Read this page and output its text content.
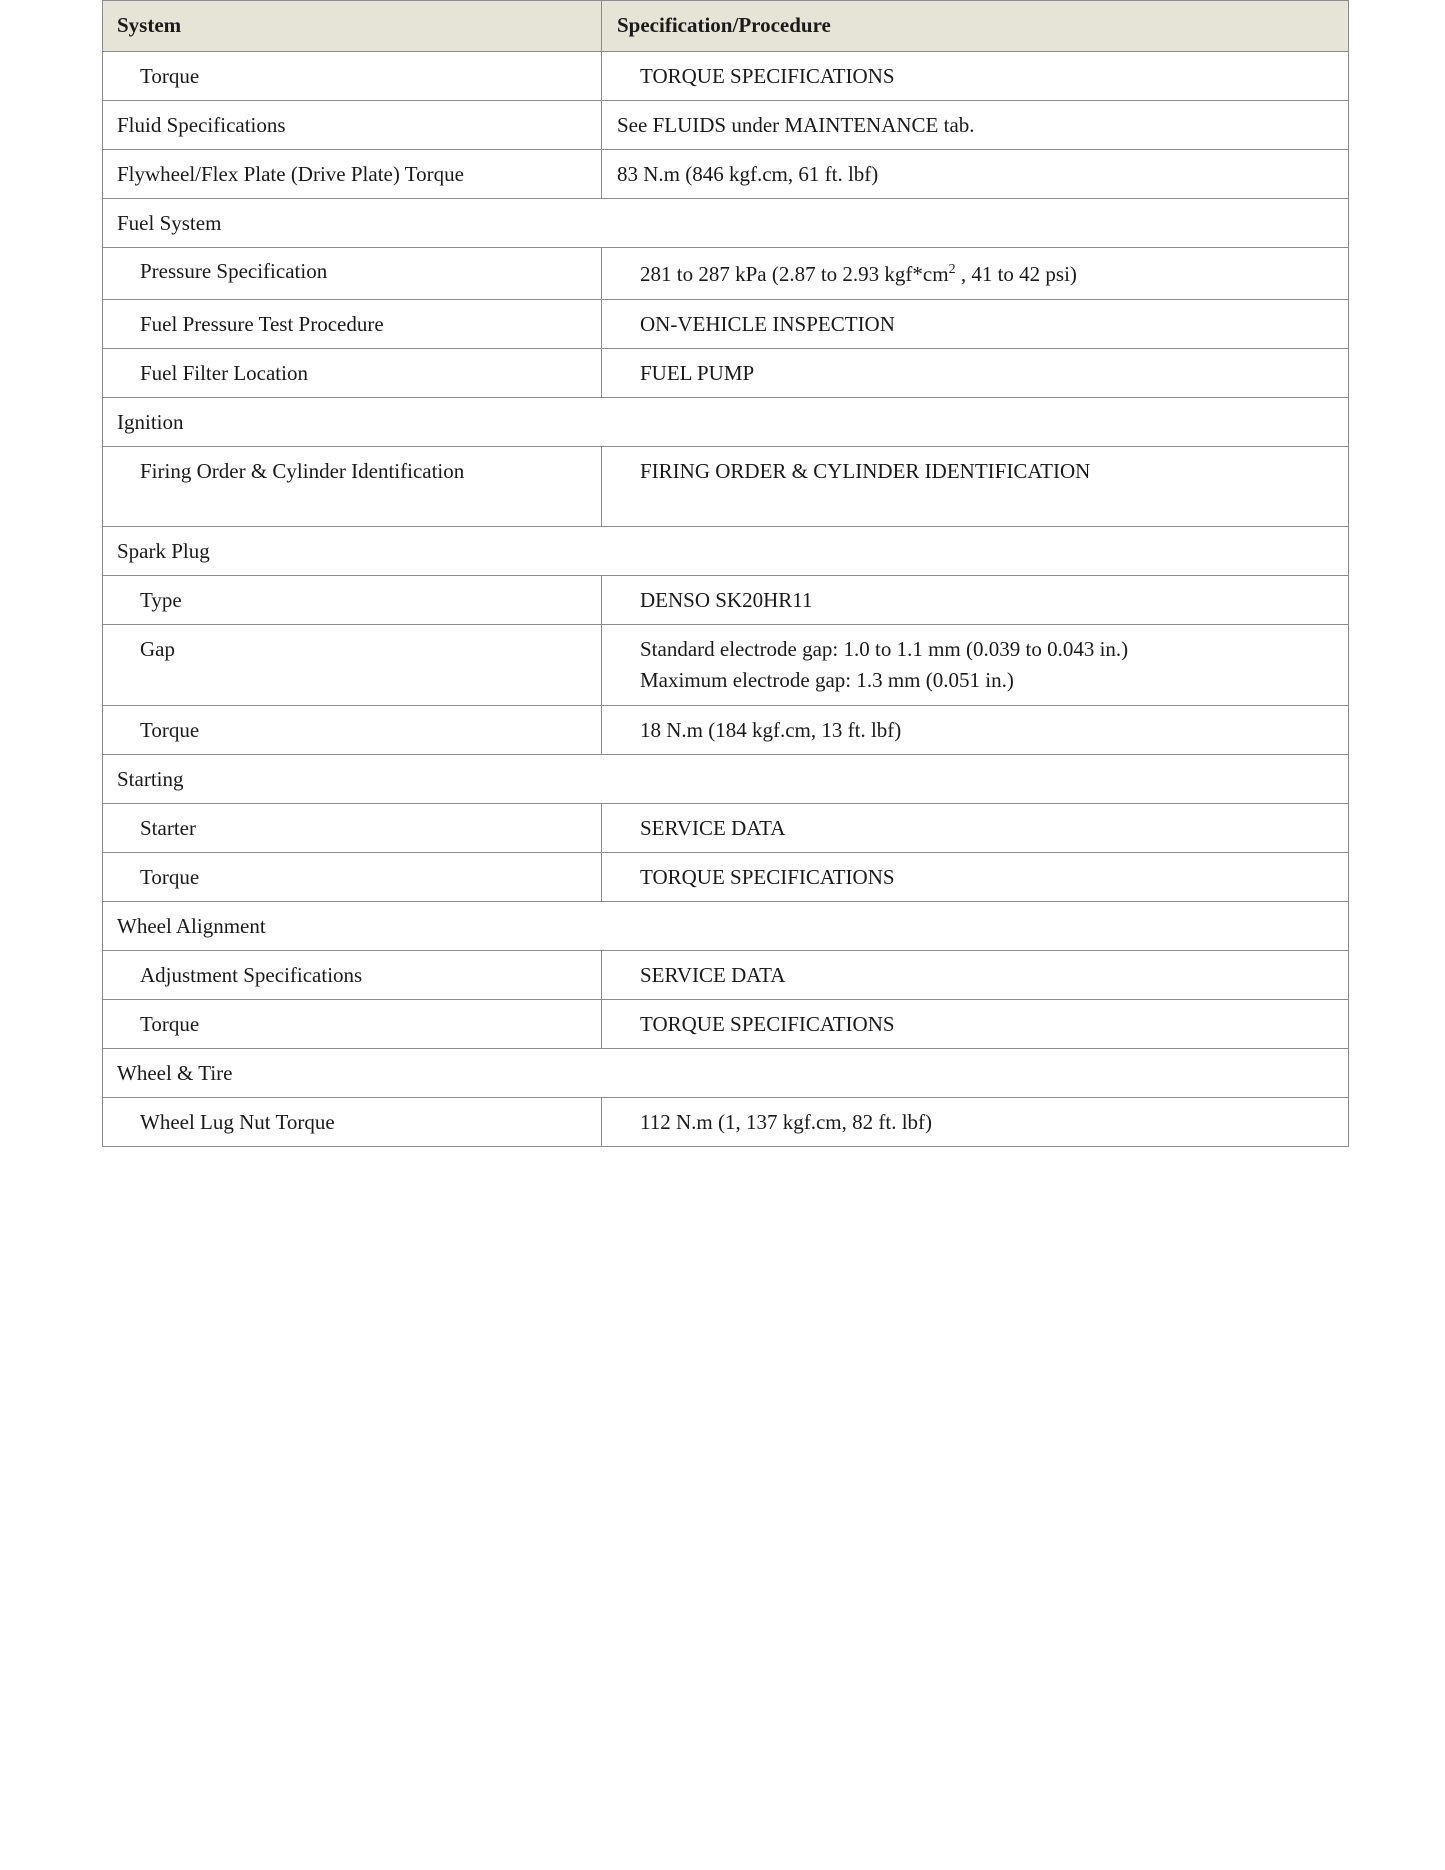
System	Specification/Procedure
Torque	TORQUE SPECIFICATIONS
Fluid Specifications	See FLUIDS under MAINTENANCE tab.
Flywheel/Flex Plate (Drive Plate) Torque	83 N.m (846 kgf.cm, 61 ft. lbf)
Fuel System	
Pressure Specification	281 to 287 kPa (2.87 to 2.93 $kgf*cm^2$ , 41 to 42 psi)
Fuel Pressure Test Procedure	ON-VEHICLE INSPECTION
Fuel Filter Location	FUEL PUMP
Ignition	
Firing Order & Cylinder Identification	FIRING ORDER & CYLINDER IDENTIFICATION
Spark Plug	
Type	DENSO SK20HR11
Gap	Standard electrode gap: 1.0 to 1.1 mm (0.039 to 0.043 in.)
Maximum electrode gap: 1.3 mm (0.051 in.)

Torque	18 N.m (184 kgf.cm, 13 ft. lbf)
Starting	
Starter	SERVICE DATA
Torque	TORQUE SPECIFICATIONS
Wheel Alignment	
Adjustment Specifications	SERVICE DATA
Torque	TORQUE SPECIFICATIONS
Wheel & Tire	
Wheel Lug Nut Torque	112 N.m (1, 137 kgf.cm, 82 ft. lbf)
